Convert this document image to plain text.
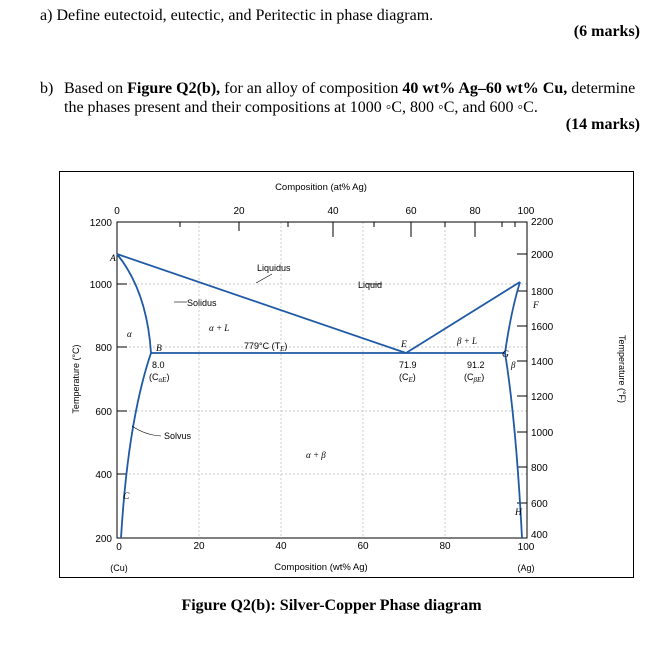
a) Define eutectoid, eutectic, and Peritectic in phase diagram.
(6 marks)
b) Based on Figure Q2(b), for an alloy of composition 40 wt% Ag–60 wt% Cu, determine
the phases present and their compositions at 1000 ◦C, 800 ◦C, and 600 ◦C.
(14 marks)
Composition (at% Ag)
0	20	40	60	80	100
1200
1000
800
600
400
200
2200
2000
1800
1600
1400
1200
1000
800
600
400
0	20	40	60	80	100
Composition (wt% Ag)
(Cu)	(Ag)
Temperature (°C)	Temperature (°F)
A
B
C
E
F
G
H
α
β
Liquidus
Liquid
Solidus
Solvus
α + L
β + L
α + β
779°C $(T_E)$
8.0
$(C_{\alpha E})$
71.9
$(C_E)$
91.2
$(C_{\beta E})$
Figure Q2(b): Silver-Copper Phase diagram
